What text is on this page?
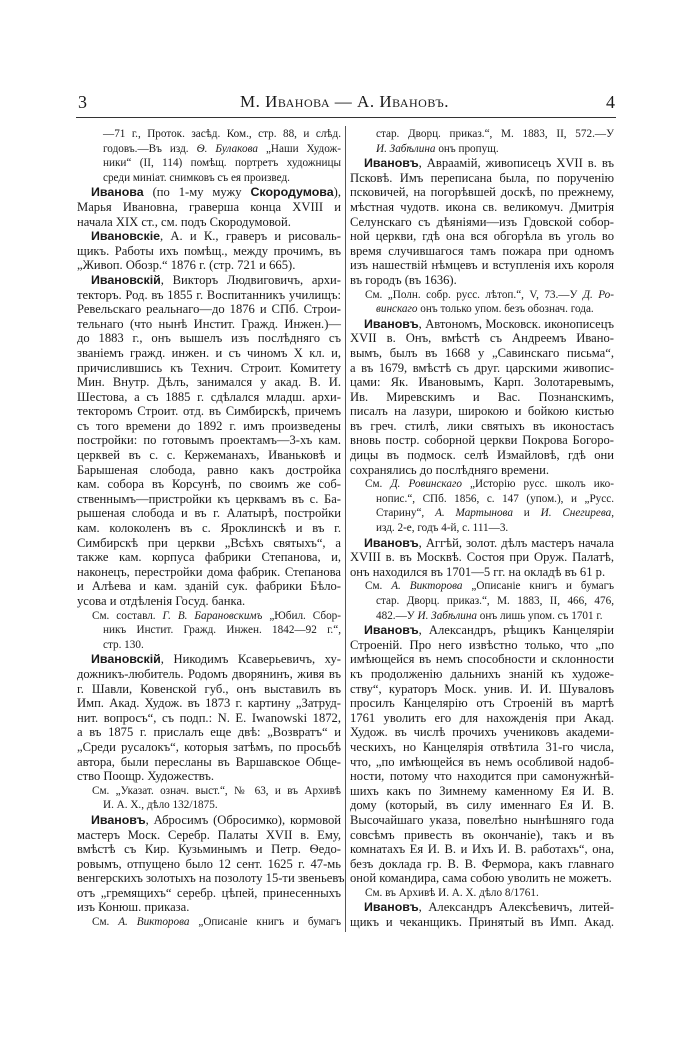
3	М. Иванова — А. Ивановъ.	4
—71 г., Проток. засѣд. Ком., стр. 88, и слѣд.
годовъ.—Въ изд. Ѳ. Булакова „Наши Худож-
ники“ (II, 114) помѣщ. портретъ художницы
среди миніат. снимковъ съ ея произвед.
Иванова (по 1-му мужу Скородумова),
Марья Ивановна, граверша конца XVIII и
начала XIX ст., см. подъ Скородумовой.
Ивановскіе, А. и К., граверъ и рисоваль-
щикъ. Работы ихъ помѣщ., между прочимъ, въ
„Живоп. Обозр.“ 1876 г. (стр. 721 и 665).
Ивановскій, Викторъ Людвиговичъ, архи-
текторъ. Род. въ 1855 г. Воспитанникъ училищъ:
Ревельскаго реальнаго—до 1876 и СПб. Строи-
тельнаго (что нынѣ Инстит. Гражд. Инжен.)—
до 1883 г., онъ вышелъ изъ послѣдняго съ
званіемъ гражд. инжен. и съ чиномъ X кл. и,
причислившись къ Технич. Строит. Комитету
Мин. Внутр. Дѣлъ, занимался у акад. В. И.
Шестова, а съ 1885 г. сдѣлался младш. архи-
текторомъ Строит. отд. въ Симбирскѣ, причемъ
съ того времени до 1892 г. имъ произведены
постройки: по готовымъ проектамъ—3-хъ кам.
церквей въ с. с. Кержеманахъ, Иваньковѣ и
Барышеная слобода, равно какъ достройка
кам. собора въ Корсунѣ, по своимъ же соб-
ственнымъ—пристройки къ церквамъ въ с. Ба-
рышеная слобода и въ г. Алатырѣ, постройки
кам. колоколенъ въ с. Яроклинскѣ и въ г.
Симбирскѣ при церкви „Всѣхъ святыхъ“, а
также кам. корпуса фабрики Степанова, и,
наконецъ, перестройки дома фабрик. Степанова
и Алѣева и кам. зданій сук. фабрики Бѣло-
усова и отдѣленія Госуд. банка.
См. составл. Г. В. Барановскимъ „Юбил. Сбор-
никъ Инстит. Гражд. Инжен. 1842—92 г.“,
стр. 130.
Ивановскій, Никодимъ Ксаверьевичъ, ху-
дожникъ-любитель. Родомъ дворянинъ, живя въ
г. Шавли, Ковенской губ., онъ выставилъ въ
Имп. Акад. Худож. въ 1873 г. картину „Затруд-
нит. вопросъ“, съ подп.: N. E. Iwanowski 1872,
а въ 1875 г. прислалъ еще двѣ: „Возвратъ“ и
„Среди русалокъ“, которыя затѣмъ, по просьбѣ
автора, были пересланы въ Варшавское Обще-
ство Поощр. Художествъ.
См. „Указат. означ. выст.“, № 63, и въ Архивѣ
И. А. Х., дѣло 132/1875.
Ивановъ, Абросимъ (Обросимко), кормовой
мастеръ Моск. Серебр. Палаты XVII в. Ему,
вмѣстѣ съ Кир. Кузьминымъ и Петр. Ѳедо-
ровымъ, отпущено было 12 сент. 1625 г. 47-мь
венгерскихъ золотыхъ на позолоту 15-ти звеньевъ
отъ „гремящихъ“ серебр. цѣпей, принесенныхъ
изъ Конюш. приказа.
См. А. Викторова „Описаніе книгъ и бумагъ
стар. Дворц. приказ.“, М. 1883, II, 572.—У
И. Забѣлина онъ пропущ.
Ивановъ, Авраамій, живописецъ XVII в. въ
Псковѣ. Имъ переписана была, по порученію
псковичей, на погорѣвшей доскѣ, по прежнему,
мѣстная чудотв. икона св. великомуч. Дмитрія
Селунскаго съ дѣяніями—изъ Гдовской собор-
ной церкви, гдѣ она вся обгорѣла въ уголь во
время случившагося тамъ пожара при одномъ
изъ нашествій нѣмцевъ и вступленія ихъ короля
въ городъ (въ 1636).
См. „Полн. собр. русс. лѣтоп.“, V, 73.—У Д. Ро-
винскаго онъ только упом. безъ обознач. года.
Ивановъ, Автономъ, Московск. иконописецъ
XVII в. Онъ, вмѣстѣ съ Андреемъ Ивано-
вымъ, былъ въ 1668 у „Савинскаго письма“,
а въ 1679, вмѣстѣ съ друг. царскими живопис-
цами: Як. Ивановымъ, Карп. Золотаревымъ,
Ив. Миревскимъ и Вас. Познанскимъ,
писалъ на лазури, широкою и бойкою кистью
въ греч. стилѣ, лики святыхъ въ иконостасъ
вновь постр. соборной церкви Покрова Богоро-
дицы въ подмоск. селѣ Измайловѣ, гдѣ они
сохранялись до послѣдняго времени.
См. Д. Ровинскаго „Исторію русс. школъ ико-
нопис.“, СПб. 1856, с. 147 (упом.), и „Русс.
Старину“, А. Мартынова и И. Снегирева,
изд. 2-е, годъ 4-й, с. 111—3.
Ивановъ, Аггѣй, золот. дѣлъ мастеръ начала
XVIII в. въ Москвѣ. Состоя при Оруж. Палатѣ,
онъ находился въ 1701—5 гг. на окладѣ въ 61 р.
См. А. Викторова „Описаніе книгъ и бумагъ
стар. Дворц. приказ.“, М. 1883, II, 466, 476,
482.—У И. Забѣлина онъ лишь упом. съ 1701 г.
Ивановъ, Александръ, рѣщикъ Канцеляріи
Строеній. Про него извѣстно только, что „по
имѣющейся въ немъ способности и склонности
къ продолженію дальнихъ знаній къ художе-
ству“, кураторъ Моск. унив. И. И. Шуваловъ
просилъ Канцелярію отъ Строеній въ мартѣ
1761 уволить его для нахожденія при Акад.
Худож. въ числѣ прочихъ учениковъ академи-
ческихъ, но Канцелярія отвѣтила 31-го числа,
что, „по имѣющейся въ немъ особливой надоб-
ности, потому что находится при самонужнѣй-
шихъ какъ по Зимнему каменному Ея И. В.
дому (который, въ силу именнаго Ея И. В.
Высочайшаго указа, повелѣно нынѣшняго года
совсѣмъ привесть въ окончаніе), такъ и въ
комнатахъ Ея И. В. и Ихъ И. В. работахъ“, она,
безъ доклада гр. В. В. Фермора, какъ главнаго
оной командира, сама собою уволить не можетъ.
См. въ Архивѣ И. А. Х. дѣло 8/1761.
Ивановъ, Александръ Алексѣевичъ, литей-
щикъ и чеканщикъ. Принятый въ Имп. Акад.
